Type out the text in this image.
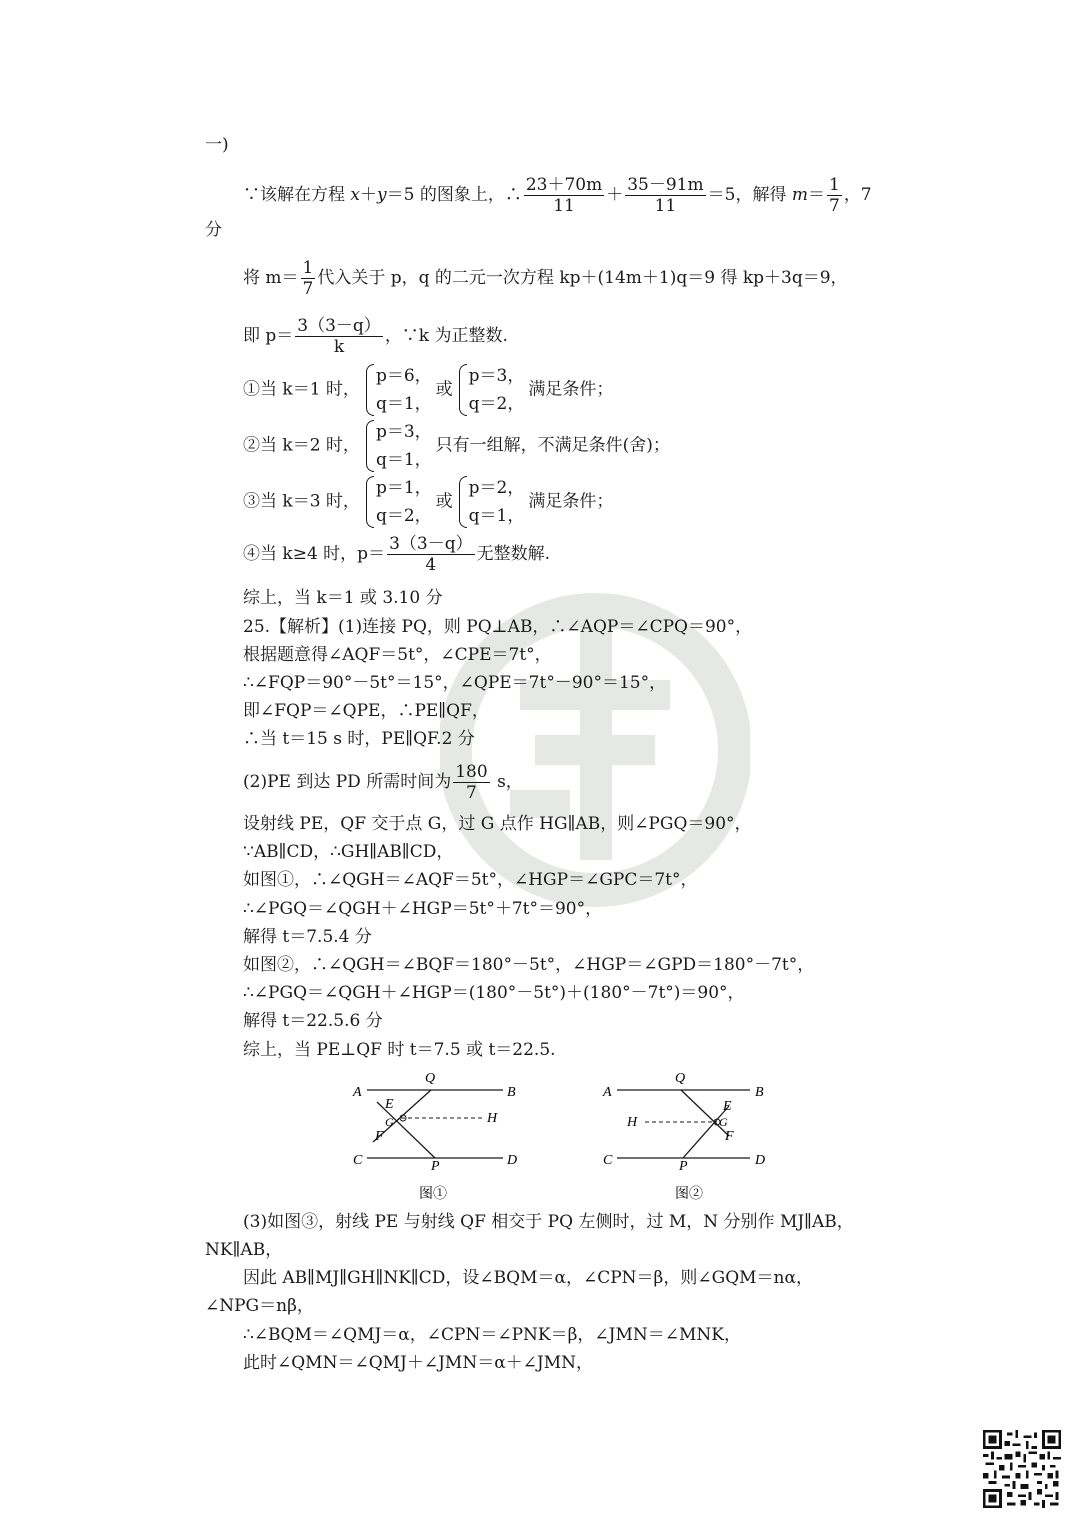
一)
∵该解在方程 x＋y＝5 的图象上，∴ $\frac{23+70m}{11} + \frac{35-91m}{11} =5$，解得 $m= \frac{1}{7}$ ，7
分
将 $m= \frac{1}{7}$ 代入关于 p，q 的二元一次方程 kp＋(14m＋1)q＝9 得 kp＋3q＝9，
即 $p= \frac{3(3-q)}{k}$ ，∵k 为正整数.
①当 k＝1 时，
p＝6，
q＝1，
或
p＝3，
q＝2，
满足条件；
②当 k＝2 时，
p＝3，
q＝1，
只有一组解，不满足条件(舍)；
③当 k＝3 时，
p＝1，
q＝2，
或
p＝2，
q＝1，
满足条件；
④当 k≥4 时，$p= \frac{3(3-q)}{4}$ 无整数解.
综上，当 k＝1 或 3.10 分
25.【解析】(1)连接 PQ，则 PQ⊥AB，∴∠AQP＝∠CPQ＝90°，
根据题意得∠AQF＝5t°，∠CPE＝7t°，
∴∠FQP＝90°－5t°＝15°，∠QPE＝7t°－90°＝15°，
即∠FQP＝∠QPE，∴PE∥QF，
∴当 t＝15 s 时，PE∥QF.2 分
(2)PE 到达 PD 所需时间为 $\frac{180}{7}$ s，
设射线 PE，QF 交于点 G，过 G 点作 HG∥AB，则∠PGQ＝90°，
∵AB∥CD，∴GH∥AB∥CD，
如图①，∴∠QGH＝∠AQF＝5t°，∠HGP＝∠GPC＝7t°，
∴∠PGQ＝∠QGH＋∠HGP＝5t°＋7t°＝90°，
解得 t＝7.5.4 分
如图②，∴∠QGH＝∠BQF＝180°－5t°，∠HGP＝∠GPD＝180°－7t°，
∴∠PGQ＝∠QGH＋∠HGP＝(180°－5t°)＋(180°－7t°)＝90°，
解得 t＝22.5.6 分
综上，当 PE⊥QF 时 t＝7.5 或 t＝22.5.
A	B
C	D
Q
P
E
G
F
H
图①
A	B
C	D
Q
P
E
G
F
H
图②
(3)如图③，射线 PE 与射线 QF 相交于 PQ 左侧时，过 M，N 分别作 MJ∥AB，
NK∥AB，
因此 AB∥MJ∥GH∥NK∥CD，设∠BQM＝α，∠CPN＝β，则∠GQM＝nα，
∠NPG＝nβ，
∴∠BQM＝∠QMJ＝α，∠CPN＝∠PNK＝β，∠JMN＝∠MNK，
此时∠QMN＝∠QMJ＋∠JMN＝α＋∠JMN，
